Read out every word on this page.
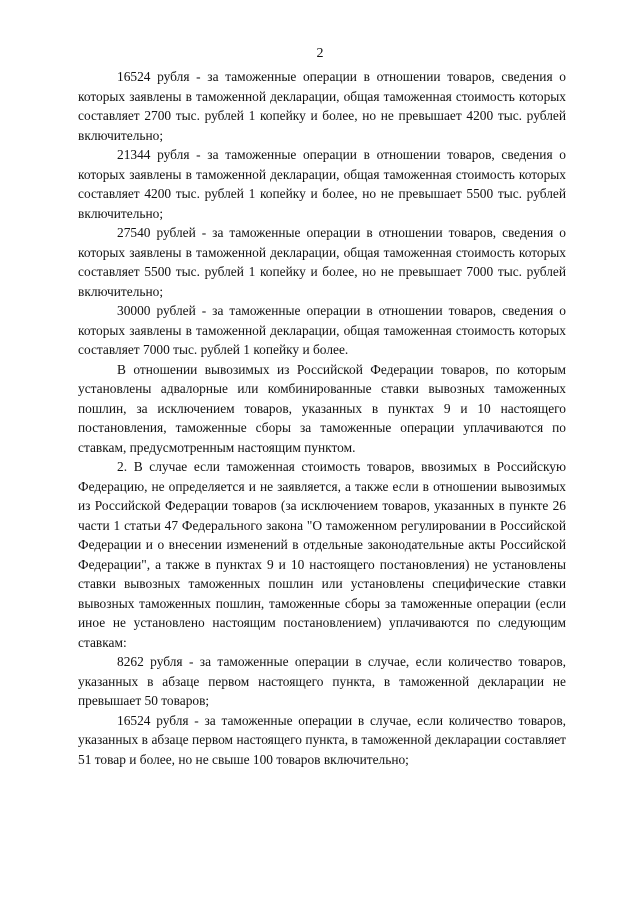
2

16524 рубля - за таможенные операции в отношении товаров, сведения о которых заявлены в таможенной декларации, общая таможенная стоимость которых составляет 2700 тыс. рублей 1 копейку и более, но не превышает 4200 тыс. рублей включительно;

21344 рубля - за таможенные операции в отношении товаров, сведения о которых заявлены в таможенной декларации, общая таможенная стоимость которых составляет 4200 тыс. рублей 1 копейку и более, но не превышает 5500 тыс. рублей включительно;

27540 рублей - за таможенные операции в отношении товаров, сведения о которых заявлены в таможенной декларации, общая таможенная стоимость которых составляет 5500 тыс. рублей 1 копейку и более, но не превышает 7000 тыс. рублей включительно;

30000 рублей - за таможенные операции в отношении товаров, сведения о которых заявлены в таможенной декларации, общая таможенная стоимость которых составляет 7000 тыс. рублей 1 копейку и более.

В отношении вывозимых из Российской Федерации товаров, по которым установлены адвалорные или комбинированные ставки вывозных таможенных пошлин, за исключением товаров, указанных в пунктах 9 и 10 настоящего постановления, таможенные сборы за таможенные операции уплачиваются по ставкам, предусмотренным настоящим пунктом.

2. В случае если таможенная стоимость товаров, ввозимых в Российскую Федерацию, не определяется и не заявляется, а также если в отношении вывозимых из Российской Федерации товаров (за исключением товаров, указанных в пункте 26 части 1 статьи 47 Федерального закона "О таможенном регулировании в Российской Федерации и о внесении изменений в отдельные законодательные акты Российской Федерации", а также в пунктах 9 и 10 настоящего постановления) не установлены ставки вывозных таможенных пошлин или установлены специфические ставки вывозных таможенных пошлин, таможенные сборы за таможенные операции (если иное не установлено настоящим постановлением) уплачиваются по следующим ставкам:

8262 рубля - за таможенные операции в случае, если количество товаров, указанных в абзаце первом настоящего пункта, в таможенной декларации не превышает 50 товаров;

16524 рубля - за таможенные операции в случае, если количество товаров, указанных в абзаце первом настоящего пункта, в таможенной декларации составляет 51 товар и более, но не свыше 100 товаров включительно;
